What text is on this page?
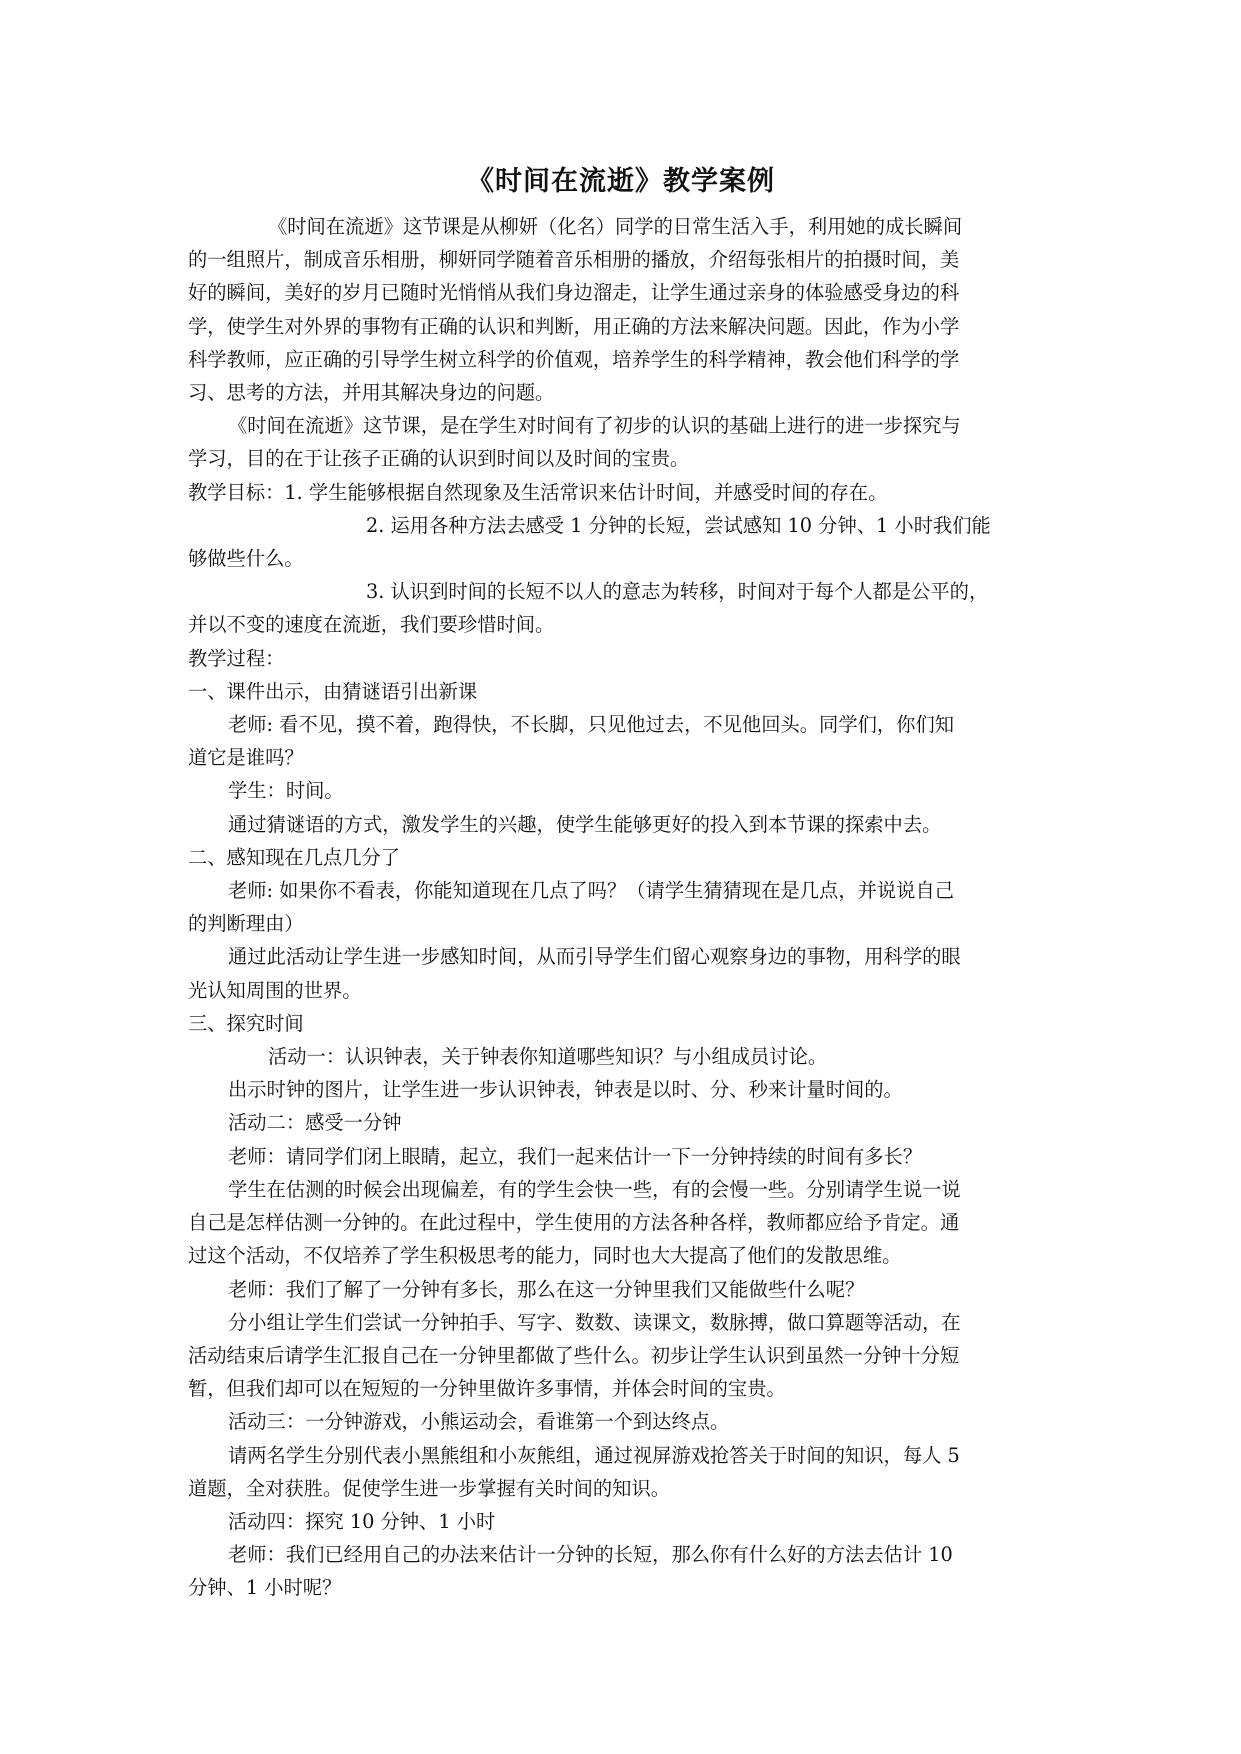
《时间在流逝》教学案例
《时间在流逝》这节课是从柳妍（化名）同学的日常生活入手，利用她的成长瞬间
的一组照片，制成音乐相册，柳妍同学随着音乐相册的播放，介绍每张相片的拍摄时间，美
好的瞬间，美好的岁月已随时光悄悄从我们身边溜走，让学生通过亲身的体验感受身边的科
学，使学生对外界的事物有正确的认识和判断，用正确的方法来解决问题。因此，作为小学
科学教师，应正确的引导学生树立科学的价值观，培养学生的科学精神，教会他们科学的学
习、思考的方法，并用其解决身边的问题。
《时间在流逝》这节课，是在学生对时间有了初步的认识的基础上进行的进一步探究与
学习，目的在于让孩子正确的认识到时间以及时间的宝贵。
教学目标：1. 学生能够根据自然现象及生活常识来估计时间，并感受时间的存在。
2. 运用各种方法去感受 1 分钟的长短，尝试感知 10 分钟、1 小时我们能
够做些什么。
3. 认识到时间的长短不以人的意志为转移，时间对于每个人都是公平的，
并以不变的速度在流逝，我们要珍惜时间。
教学过程：
一、课件出示，由猜谜语引出新课
老师: 看不见，摸不着，跑得快，不长脚，只见他过去，不见他回头。同学们，你们知
道它是谁吗？
学生：时间。
通过猜谜语的方式，激发学生的兴趣，使学生能够更好的投入到本节课的探索中去。
二、感知现在几点几分了
老师: 如果你不看表，你能知道现在几点了吗？（请学生猜猜现在是几点，并说说自己
的判断理由）
通过此活动让学生进一步感知时间，从而引导学生们留心观察身边的事物，用科学的眼
光认知周围的世界。
三、探究时间
活动一：认识钟表，关于钟表你知道哪些知识？与小组成员讨论。
出示时钟的图片，让学生进一步认识钟表，钟表是以时、分、秒来计量时间的。
活动二：感受一分钟
老师：请同学们闭上眼睛，起立，我们一起来估计一下一分钟持续的时间有多长？
学生在估测的时候会出现偏差，有的学生会快一些，有的会慢一些。分别请学生说一说
自己是怎样估测一分钟的。在此过程中，学生使用的方法各种各样，教师都应给予肯定。通
过这个活动，不仅培养了学生积极思考的能力，同时也大大提高了他们的发散思维。
老师：我们了解了一分钟有多长，那么在这一分钟里我们又能做些什么呢？
分小组让学生们尝试一分钟拍手、写字、数数、读课文，数脉搏，做口算题等活动，在
活动结束后请学生汇报自己在一分钟里都做了些什么。初步让学生认识到虽然一分钟十分短
暂，但我们却可以在短短的一分钟里做许多事情，并体会时间的宝贵。
活动三：一分钟游戏，小熊运动会，看谁第一个到达终点。
请两名学生分别代表小黑熊组和小灰熊组，通过视屏游戏抢答关于时间的知识，每人 5
道题，全对获胜。促使学生进一步掌握有关时间的知识。
活动四：探究 10 分钟、1 小时
老师：我们已经用自己的办法来估计一分钟的长短，那么你有什么好的方法去估计 10
分钟、1 小时呢？
